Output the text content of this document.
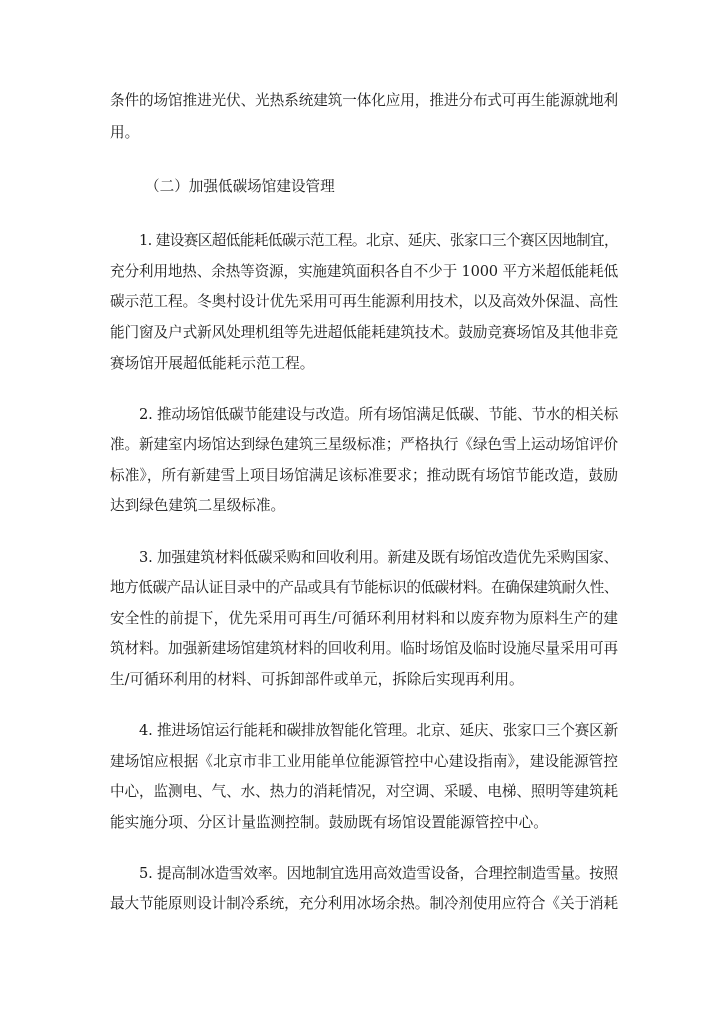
条件的场馆推进光伏、光热系统建筑一体化应用，推进分布式可再生能源就地利
用。
（二）加强低碳场馆建设管理
1. 建设赛区超低能耗低碳示范工程。北京、延庆、张家口三个赛区因地制宜，
充分利用地热、余热等资源，实施建筑面积各自不少于 1000 平方米超低能耗低
碳示范工程。冬奥村设计优先采用可再生能源利用技术，以及高效外保温、高性
能门窗及户式新风处理机组等先进超低能耗建筑技术。鼓励竞赛场馆及其他非竞
赛场馆开展超低能耗示范工程。
2. 推动场馆低碳节能建设与改造。所有场馆满足低碳、节能、节水的相关标
准。新建室内场馆达到绿色建筑三星级标准；严格执行《绿色雪上运动场馆评价
标准》，所有新建雪上项目场馆满足该标准要求；推动既有场馆节能改造，鼓励
达到绿色建筑二星级标准。
3. 加强建筑材料低碳采购和回收利用。新建及既有场馆改造优先采购国家、
地方低碳产品认证目录中的产品或具有节能标识的低碳材料。在确保建筑耐久性、
安全性的前提下，优先采用可再生/可循环利用材料和以废弃物为原料生产的建
筑材料。加强新建场馆建筑材料的回收利用。临时场馆及临时设施尽量采用可再
生/可循环利用的材料、可拆卸部件或单元，拆除后实现再利用。
4. 推进场馆运行能耗和碳排放智能化管理。北京、延庆、张家口三个赛区新
建场馆应根据《北京市非工业用能单位能源管控中心建设指南》，建设能源管控
中心，监测电、气、水、热力的消耗情况，对空调、采暖、电梯、照明等建筑耗
能实施分项、分区计量监测控制。鼓励既有场馆设置能源管控中心。
5. 提高制冰造雪效率。因地制宜选用高效造雪设备，合理控制造雪量。按照
最大节能原则设计制冷系统，充分利用冰场余热。制冷剂使用应符合《关于消耗
